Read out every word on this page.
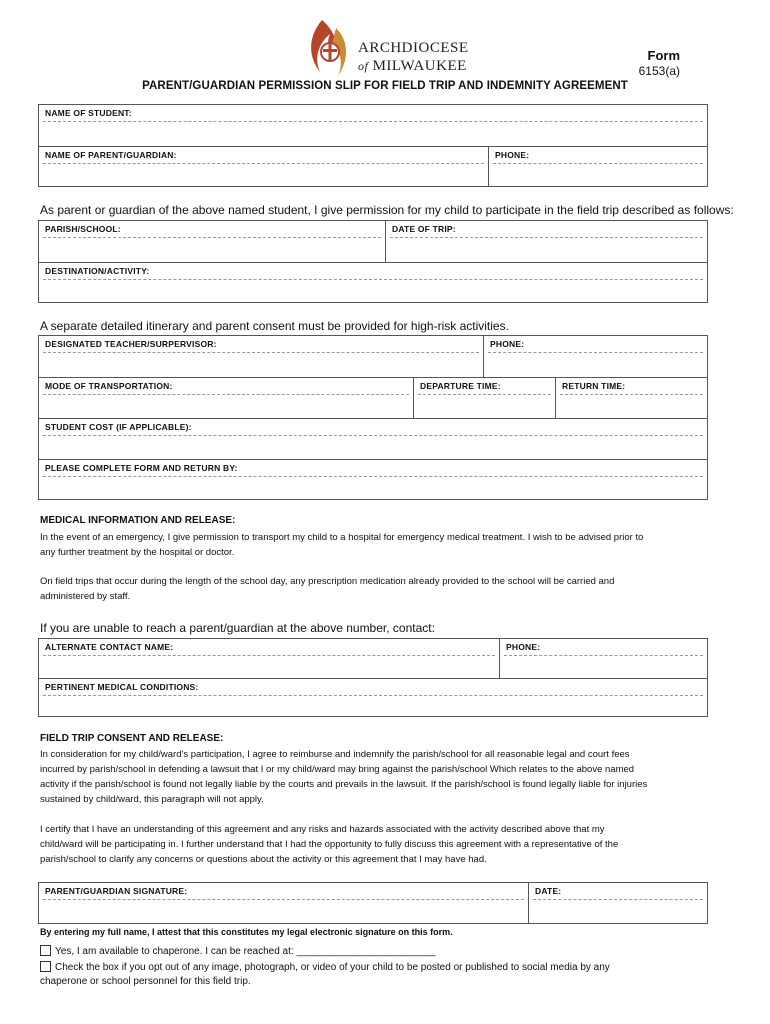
ARCHDIOCESE
of MILWAUKEE
Form
6153(a)
PARENT/GUARDIAN PERMISSION SLIP FOR FIELD TRIP AND INDEMNITY AGREEMENT
NAME OF STUDENT:
NAME OF PARENT/GUARDIAN:	PHONE:
As parent or guardian of the above named student, I give permission for my child to participate in the field trip described as follows:
PARISH/SCHOOL:	DATE OF TRIP:
DESTINATION/ACTIVITY:
A separate detailed itinerary and parent consent must be provided for high-risk activities.
DESIGNATED TEACHER/SURPERVISOR:	PHONE:
MODE OF TRANSPORTATION:	DEPARTURE TIME:	RETURN TIME:
STUDENT COST (IF APPLICABLE):
PLEASE COMPLETE FORM AND RETURN BY:
MEDICAL INFORMATION AND RELEASE:
In the event of an emergency, I give permission to transport my child to a hospital for emergency medical treatment. I wish to be advised prior to
any further treatment by the hospital or doctor.
On field trips that occur during the length of the school day, any prescription medication already provided to the school will be carried and
administered by staff.
If you are unable to reach a parent/guardian at the above number, contact:
ALTERNATE CONTACT NAME:	PHONE:
PERTINENT MEDICAL CONDITIONS:
FIELD TRIP CONSENT AND RELEASE:
In consideration for my child/ward's participation, I agree to reimburse and indemnify the parish/school for all reasonable legal and court fees
incurred by parish/school in defending a lawsuit that I or my child/ward may bring against the parish/school Which relates to the above named
activity if the parish/school is found not legally liable by the courts and prevails in the lawsuit. If the parish/school is found legally liable for injuries
sustained by child/ward, this paragraph will not apply.
I certify that I have an understanding of this agreement and any risks and hazards associated with the activity described above that my
child/ward will be participating in. I further understand that I had the opportunity to fully discuss this agreement with a representative of the
parish/school to clarify any concerns or questions about the activity or this agreement that I may have had.
PARENT/GUARDIAN SIGNATURE:	DATE:
By entering my full name, I attest that this constitutes my legal electronic signature on this form.
Yes, I am available to chaperone. I can be reached at: _________________________
Check the box if you opt out of any image, photograph, or video of your child to be posted or published to social media by any
chaperone or school personnel for this field trip.
